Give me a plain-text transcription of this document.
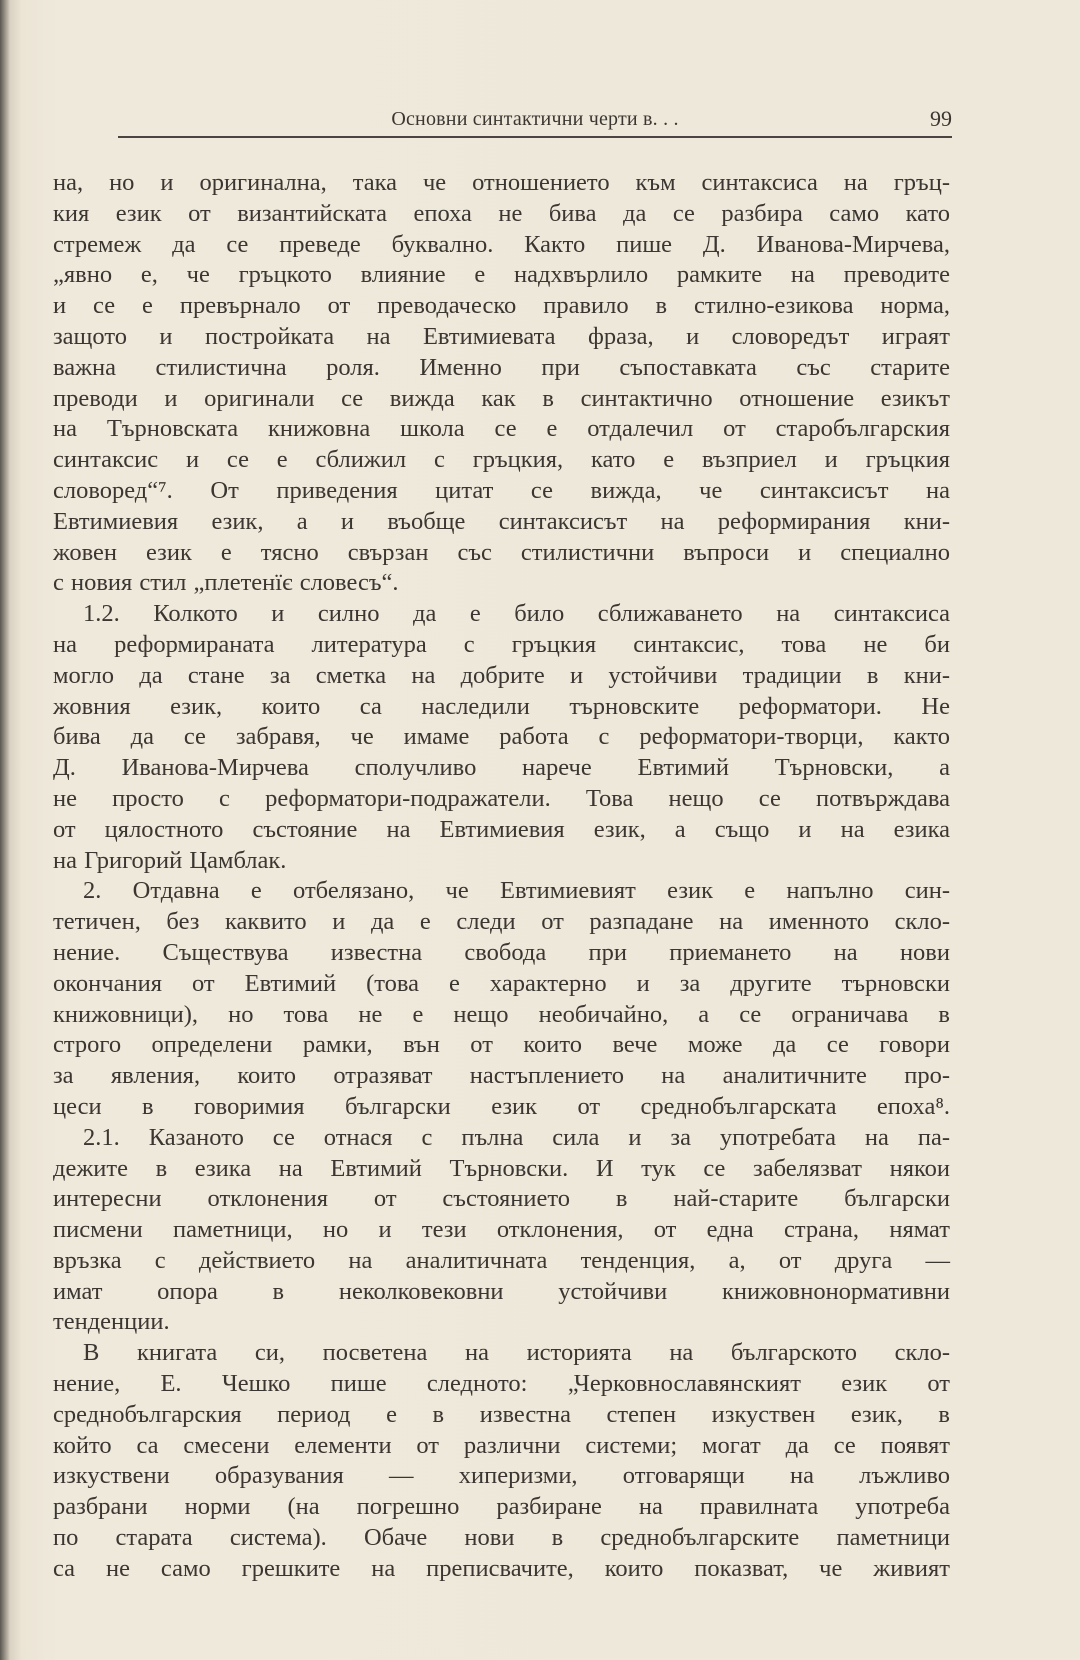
Основни синтактични черти в. . .	99
на, но и оригинална, така че отношението към синтаксиса на гръц-
кия език от византийската епоха не бива да се разбира само като
стремеж да се преведе буквално. Както пише Д. Иванова-Мирчева,
„явно е, че гръцкото влияние е надхвърлило рамките на преводите
и се е превърнало от преводаческо правило в стилно-езикова норма,
защото и постройката на Евтимиевата фраза, и словоредът играят
важна стилистична роля. Именно при съпоставката със старите
преводи и оригинали се вижда как в синтактично отношение езикът
на Търновската книжовна школа се е отдалечил от старобългарския
синтаксис и се е сближил с гръцкия, като е възприел и гръцкия
словоред“⁷. От приведения цитат се вижда, че синтаксисът на
Евтимиевия език, а и въобще синтаксисът на реформирания кни-
жовен език е тясно свързан със стилистични въпроси и специално
с новия стил „плетенїє словесъ“.
1.2. Колкото и силно да е било сближаването на синтаксиса
на реформираната литература с гръцкия синтаксис, това не би
могло да стане за сметка на добрите и устойчиви традиции в кни-
жовния език, които са наследили търновските реформатори. Не
бива да се забравя, че имаме работа с реформатори-творци, както
Д. Иванова-Мирчева сполучливо нарече Евтимий Търновски, а
не просто с реформатори-подражатели. Това нещо се потвърждава
от цялостното състояние на Евтимиевия език, а също и на езика
на Григорий Цамблак.
2. Отдавна е отбелязано, че Евтимиевият език е напълно син-
тетичен, без каквито и да е следи от разпадане на именното скло-
нение. Съществува известна свобода при приемането на нови
окончания от Евтимий (това е характерно и за другите търновски
книжовници), но това не е нещо необичайно, а се ограничава в
строго определени рамки, вън от които вече може да се говори
за явления, които отразяват настъплението на аналитичните про-
цеси в говоримия български език от среднобългарската епоха⁸.
2.1. Казаното се отнася с пълна сила и за употребата на па-
дежите в езика на Евтимий Търновски. И тук се забелязват някои
интересни отклонения от състоянието в най-старите български
писмени паметници, но и тези отклонения, от една страна, нямат
връзка с действието на аналитичната тенденция, а, от друга —
имат опора в неколковековни устойчиви книжовнонормативни
тенденции.
В книгата си, посветена на историята на българското скло-
нение, Е. Чешко пише следното: „Черковнославянският език от
среднобългарския период е в известна степен изкуствен език, в
който са смесени елементи от различни системи; могат да се появят
изкуствени образувания — хиперизми, отговарящи на лъжливо
разбрани норми (на погрешно разбиране на правилната употреба
по старата система). Обаче нови в среднобългарските паметници
са не само грешките на преписвачите, които показват, че живият
